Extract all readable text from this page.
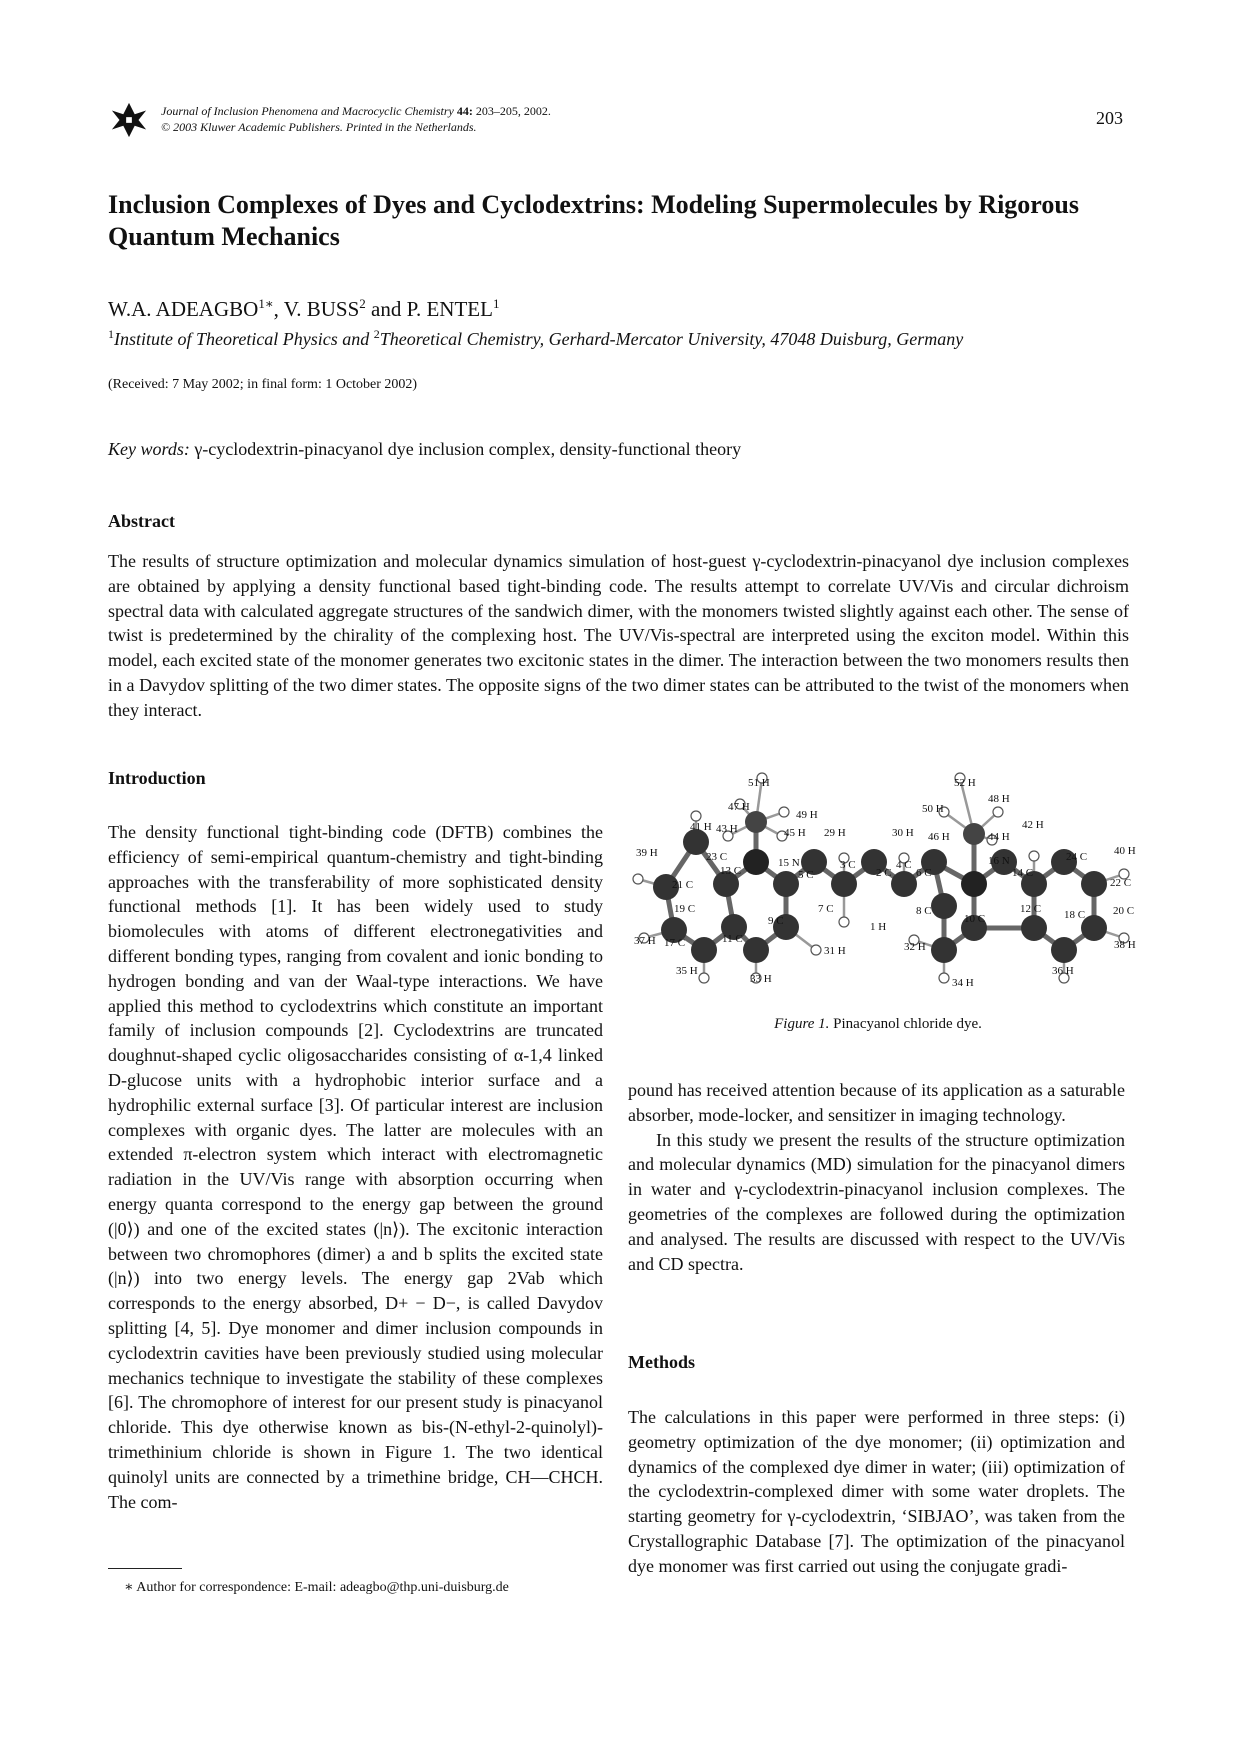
Journal of Inclusion Phenomena and Macrocyclic Chemistry 44: 203–205, 2002.
© 2003 Kluwer Academic Publishers. Printed in the Netherlands.	203
Inclusion Complexes of Dyes and Cyclodextrins: Modeling Supermolecules by Rigorous Quantum Mechanics
W.A. $ADEAGBO^{1∗}$, V. BUSS$^2$ and P. ENTEL$^1$
$^1$Institute of Theoretical Physics and $^2$Theoretical Chemistry, Gerhard-Mercator University, 47048 Duisburg, Germany
(Received: 7 May 2002; in final form: 1 October 2002)
Key words: γ-cyclodextrin-pinacyanol dye inclusion complex, density-functional theory
Abstract
The results of structure optimization and molecular dynamics simulation of host-guest γ-cyclodextrin-pinacyanol dye inclusion complexes are obtained by applying a density functional based tight-binding code. The results attempt to correlate UV/Vis and circular dichroism spectral data with calculated aggregate structures of the sandwich dimer, with the monomers twisted slightly against each other. The sense of twist is predetermined by the chirality of the complexing host. The UV/Vis-spectral are interpreted using the exciton model. Within this model, each excited state of the monomer generates two excitonic states in the dimer. The interaction between the two monomers results then in a Davydov splitting of the two dimer states. The opposite signs of the two dimer states can be attributed to the twist of the monomers when they interact.
Introduction
The density functional tight-binding code (DFTB) combines the efficiency of semi-empirical quantum-chemistry and tight-binding approaches with the transferability of more sophisticated density functional methods [1]. It has been widely used to study biomolecules with atoms of different electronegativities and different bonding types, ranging from covalent and ionic bonding to hydrogen bonding and van der Waal-type interactions. We have applied this method to cyclodextrins which constitute an important family of inclusion compounds [2]. Cyclodextrins are truncated doughnut-shaped cyclic oligosaccharides consisting of α-1,4 linked D-glucose units with a hydrophobic interior surface and a hydrophilic external surface [3]. Of particular interest are inclusion complexes with organic dyes. The latter are molecules with an extended π-electron system which interact with electromagnetic radiation in the UV/Vis range with absorption occurring when energy quanta correspond to the energy gap between the ground (|0⟩) and one of the excited states (|n⟩). The excitonic interaction between two chromophores (dimer) a and b splits the excited state (|n⟩) into two energy levels. The energy gap 2Vab which corresponds to the energy absorbed, D+ − D−, is called Davydov splitting [4, 5]. Dye monomer and dimer inclusion compounds in cyclodextrin cavities have been previously studied using molecular mechanics technique to investigate the stability of these complexes [6]. The chromophore of interest for our present study is pinacyanol chloride. This dye otherwise known as bis-(N-ethyl-2-quinolyl)-trimethinium chloride is shown in Figure 1. The two identical quinolyl units are connected by a trimethine bridge, CH—CHCH. The com-
∗ Author for correspondence: E-mail: adeagbo@thp.uni-duisburg.de
51 H	52 H
47 H
49 H	50 H
48 H
41 H 43 H	45 H 29 H	30 H 46 H	44 H
42 H
39 H	23 C
13 C
15 N
5 C
3 C
2 C
4 C
6 C
16 N
14 C
24 C 40 H
21 C	22 C
19 C	7 C	8 C	12 C 18 C	20 C
37 H 17 C	11 C
9 C	1 H
10 C
38 H
31 H	32 H
35 H
33 H	34 H
36 H
Figure 1. Pinacyanol chloride dye.
pound has received attention because of its application as a saturable absorber, mode-locker, and sensitizer in imaging technology.
In this study we present the results of the structure optimization and molecular dynamics (MD) simulation for the pinacyanol dimers in water and γ-cyclodextrin-pinacyanol inclusion complexes. The geometries of the complexes are followed during the optimization and analysed. The results are discussed with respect to the UV/Vis and CD spectra.
Methods
The calculations in this paper were performed in three steps: (i) geometry optimization of the dye monomer; (ii) optimization and dynamics of the complexed dye dimer in water; (iii) optimization of the cyclodextrin-complexed dimer with some water droplets. The starting geometry for γ-cyclodextrin, ‘SIBJAO’, was taken from the Crystallographic Database [7]. The optimization of the pinacyanol dye monomer was first carried out using the conjugate gradi-
